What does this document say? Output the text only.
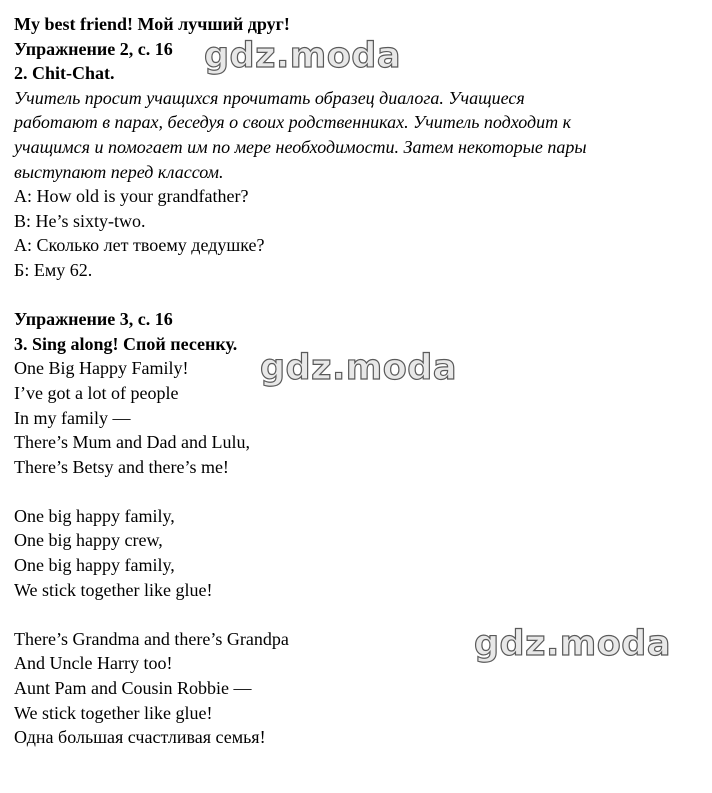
My best friend! Мой лучший друг!
Упражнение 2, с. 16
2. Chit-Chat.
Учитель просит учащихся прочитать образец диалога. Учащиеся
работают в парах, беседуя о своих родственниках. Учитель подходит к
учащимся и помогает им по мере необходимости. Затем некоторые пары
выступают перед классом.
A: How old is your grandfather?
B: He’s sixty-two.
А: Сколько лет твоему дедушке?
Б: Ему 62.
Упражнение 3, с. 16
3. Sing along! Спой песенку.
One Big Happy Family!
I’ve got a lot of people
In my family —
There’s Mum and Dad and Lulu,
There’s Betsy and there’s me!
One big happy family,
One big happy crew,
One big happy family,
We stick together like glue!
There’s Grandma and there’s Grandpa
And Uncle Harry too!
Aunt Pam and Cousin Robbie —
We stick together like glue!
Одна большая счастливая семья!
gdz.moda
gdz.moda
gdz.moda
